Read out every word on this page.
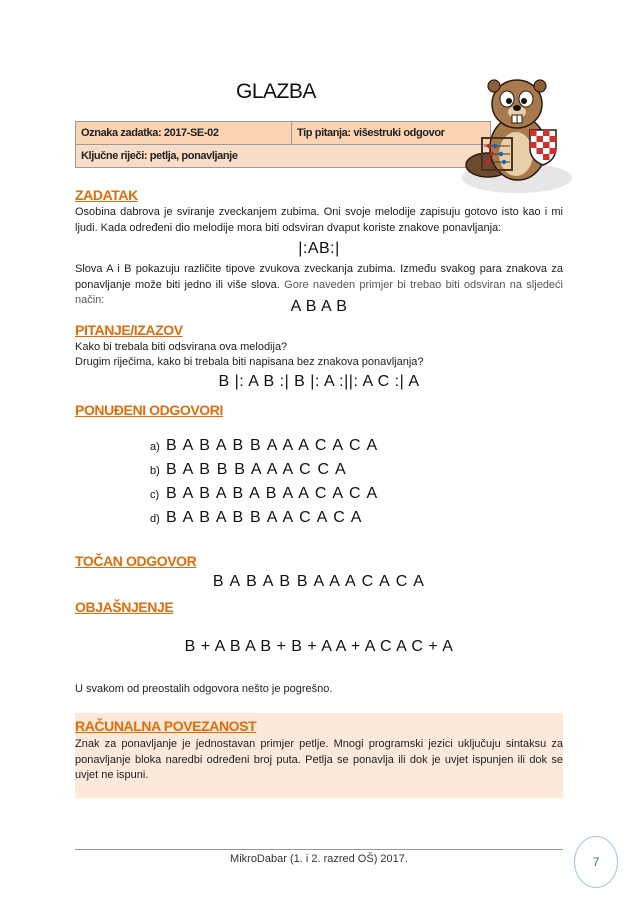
GLAZBA
Oznaka zadatka: 2017-SE-02	Tip pitanja: višestruki odgovor
Ključne riječi: petlja, ponavljanje
ZADATAK
Osobina dabrova je sviranje zveckanjem zubima. Oni svoje melodije zapisuju gotovo isto kao i mi ljudi. Kada određeni dio melodije mora biti odsviran dvaput koriste znakove ponavljanja:
|:AB:|
Slova A i B pokazuju različite tipove zvukova zveckanja zubima. Između svakog para znakova za ponavljanje može biti jedno ili više slova. Gore naveden primjer bi trebao biti odsviran na sljedeći način:	A B A B
PITANJE/IZAZOV
Kako bi trebala biti odsvirana ova melodija?
Drugim riječima, kako bi trebala biti napisana bez znakova ponavljanja?
B |: A B :| B |: A :||: A C :| A
PONUĐENI ODGOVORI
a) B A B A B B A A A C A C A
b) B A B B B A A A C C A
c) B A B A B A B A A C A C A
d) B A B A B B A A C A C A
TOČAN ODGOVOR
B A B A B B A A A C A C A
OBJAŠNJENJE
B + A B A B + B + A A + A C A C + A
U svakom od preostalih odgovora nešto je pogrešno.
RAČUNALNA POVEZANOST
Znak za ponavljanje je jednostavan primjer petlje. Mnogi programski jezici uključuju sintaksu za ponavljanje bloka naredbi određeni broj puta. Petlja se ponavlja ili dok je uvjet ispunjen ili dok se uvjet ne ispuni.
MikroDabar (1. i 2. razred OŠ) 2017.	7
